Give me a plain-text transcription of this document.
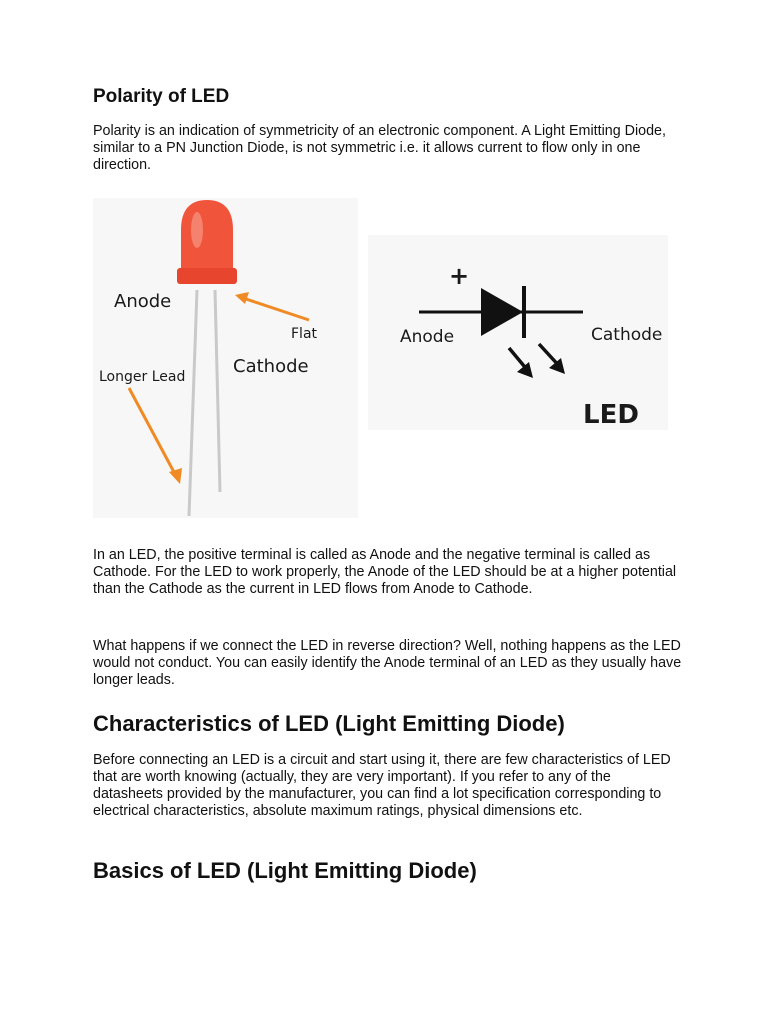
Polarity of LED

Polarity is an indication of symmetricity of an electronic component. A Light Emitting Diode, similar to a PN Junction Diode, is not symmetric i.e. it allows current to flow only in one direction.

Anode
Flat
Cathode
Longer Lead
+
Anode	Cathode
LED

In an LED, the positive terminal is called as Anode and the negative terminal is called as Cathode. For the LED to work properly, the Anode of the LED should be at a higher potential than the Cathode as the current in LED flows from Anode to Cathode.

What happens if we connect the LED in reverse direction? Well, nothing happens as the LED would not conduct. You can easily identify the Anode terminal of an LED as they usually have longer leads.

Characteristics of LED (Light Emitting Diode)

Before connecting an LED is a circuit and start using it, there are few characteristics of LED that are worth knowing (actually, they are very important). If you refer to any of the datasheets provided by the manufacturer, you can find a lot specification corresponding to electrical characteristics, absolute maximum ratings, physical dimensions etc.

Basics of LED (Light Emitting Diode)
